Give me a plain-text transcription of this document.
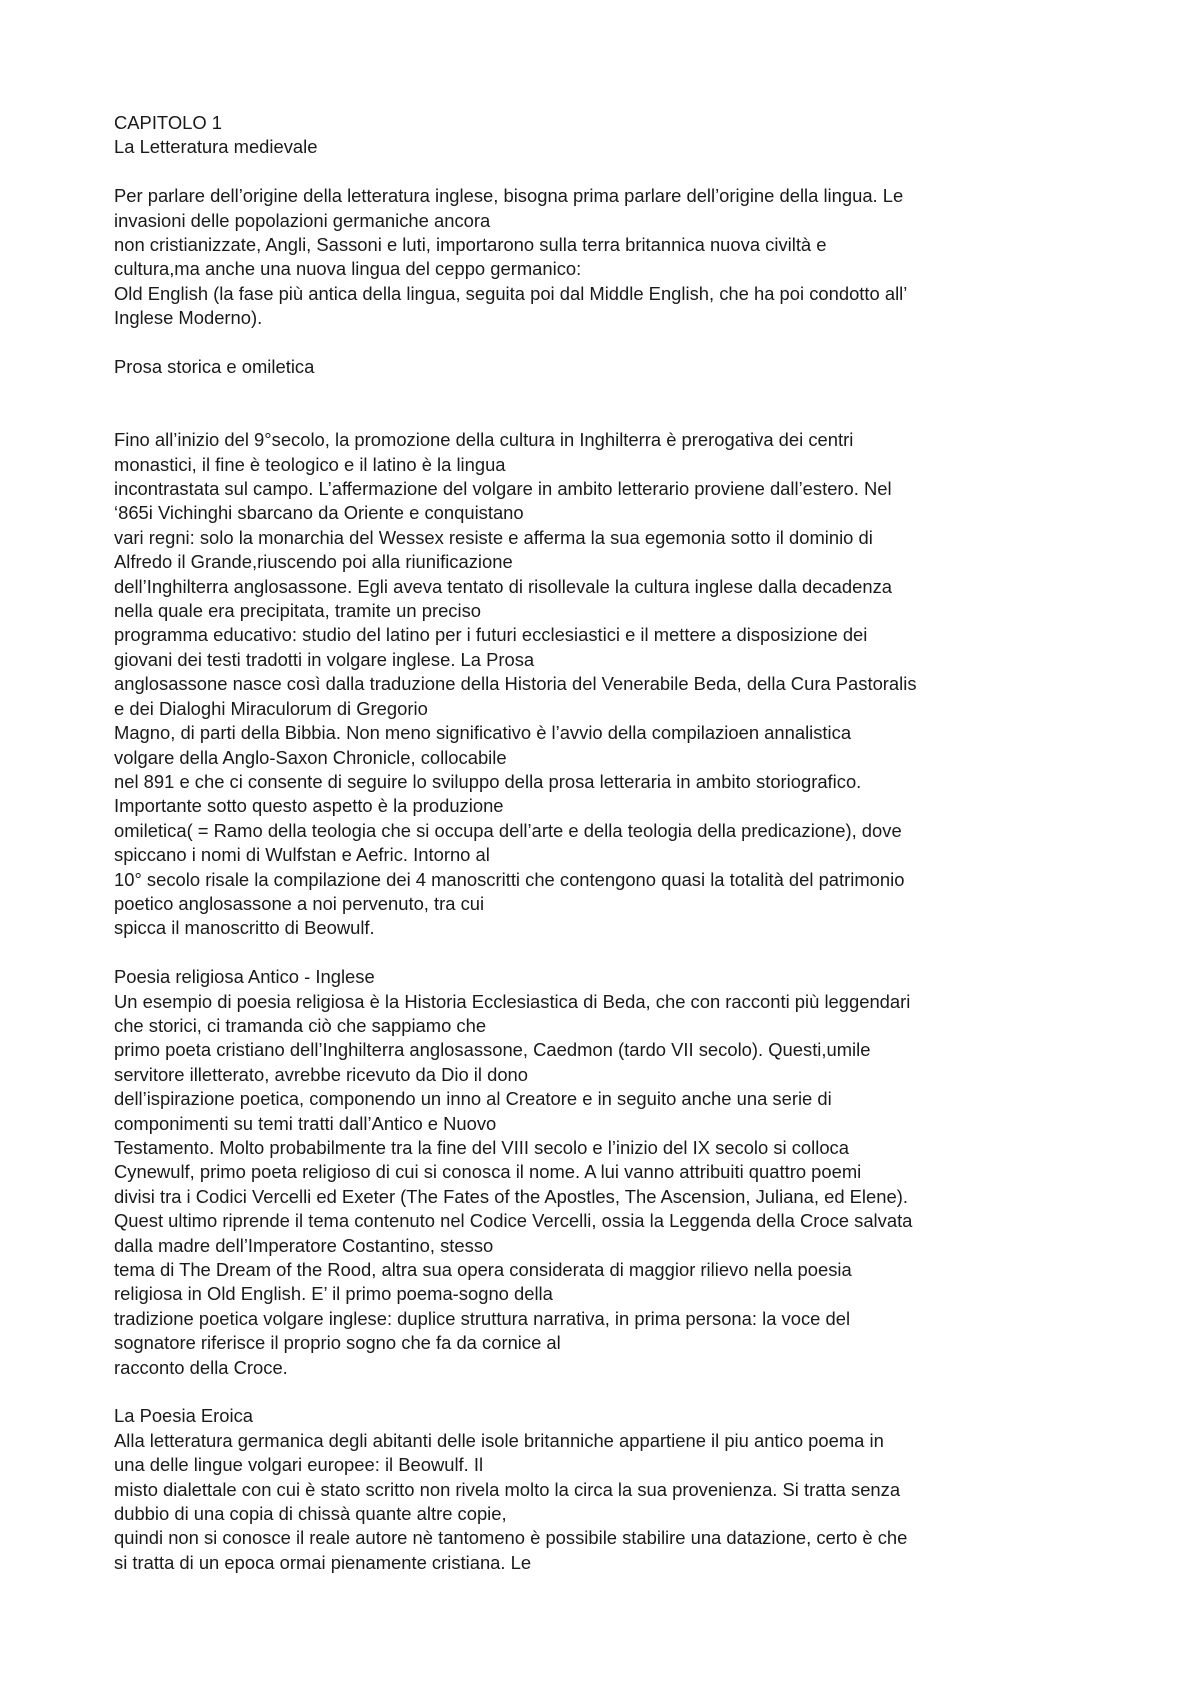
CAPITOLO 1
La Letteratura medievale
Per parlare dell’origine della letteratura inglese, bisogna prima parlare dell’origine della lingua. Le
invasioni delle popolazioni germaniche ancora
non cristianizzate, Angli, Sassoni e luti, importarono sulla terra britannica nuova civiltà e
cultura,ma anche una nuova lingua del ceppo germanico:
Old English (la fase più antica della lingua, seguita poi dal Middle English, che ha poi condotto all’
Inglese Moderno).
Prosa storica e omiletica
Fino all’inizio del 9°secolo, la promozione della cultura in Inghilterra è prerogativa dei centri
monastici, il fine è teologico e il latino è la lingua
incontrastata sul campo. L’affermazione del volgare in ambito letterario proviene dall’estero. Nel
‘865i Vichinghi sbarcano da Oriente e conquistano
vari regni: solo la monarchia del Wessex resiste e afferma la sua egemonia sotto il dominio di
Alfredo il Grande,riuscendo poi alla riunificazione
dell’Inghilterra anglosassone. Egli aveva tentato di risollevale la cultura inglese dalla decadenza
nella quale era precipitata, tramite un preciso
programma educativo: studio del latino per i futuri ecclesiastici e il mettere a disposizione dei
giovani dei testi tradotti in volgare inglese. La Prosa
anglosassone nasce così dalla traduzione della Historia del Venerabile Beda, della Cura Pastoralis
e dei Dialoghi Miraculorum di Gregorio
Magno, di parti della Bibbia. Non meno significativo è l’avvio della compilazioen annalistica
volgare della Anglo-Saxon Chronicle, collocabile
nel 891 e che ci consente di seguire lo sviluppo della prosa letteraria in ambito storiografico.
Importante sotto questo aspetto è la produzione
omiletica( = Ramo della teologia che si occupa dell’arte e della teologia della predicazione), dove
spiccano i nomi di Wulfstan e Aefric. Intorno al
10° secolo risale la compilazione dei 4 manoscritti che contengono quasi la totalità del patrimonio
poetico anglosassone a noi pervenuto, tra cui
spicca il manoscritto di Beowulf.
Poesia religiosa Antico - Inglese
Un esempio di poesia religiosa è la Historia Ecclesiastica di Beda, che con racconti più leggendari
che storici, ci tramanda ciò che sappiamo che
primo poeta cristiano dell’Inghilterra anglosassone, Caedmon (tardo VII secolo). Questi,umile
servitore illetterato, avrebbe ricevuto da Dio il dono
dell’ispirazione poetica, componendo un inno al Creatore e in seguito anche una serie di
componimenti su temi tratti dall’Antico e Nuovo
Testamento. Molto probabilmente tra la fine del VIII secolo e l’inizio del IX secolo si colloca
Cynewulf, primo poeta religioso di cui si conosca il nome. A lui vanno attribuiti quattro poemi
divisi tra i Codici Vercelli ed Exeter (The Fates of the Apostles, The Ascension, Juliana, ed Elene).
Quest ultimo riprende il tema contenuto nel Codice Vercelli, ossia la Leggenda della Croce salvata
dalla madre dell’Imperatore Costantino, stesso
tema di The Dream of the Rood, altra sua opera considerata di maggior rilievo nella poesia
religiosa in Old English. E’ il primo poema-sogno della
tradizione poetica volgare inglese: duplice struttura narrativa, in prima persona: la voce del
sognatore riferisce il proprio sogno che fa da cornice al
racconto della Croce.
La Poesia Eroica
Alla letteratura germanica degli abitanti delle isole britanniche appartiene il piu antico poema in
una delle lingue volgari europee: il Beowulf. Il
misto dialettale con cui è stato scritto non rivela molto la circa la sua provenienza. Si tratta senza
dubbio di una copia di chissà quante altre copie,
quindi non si conosce il reale autore nè tantomeno è possibile stabilire una datazione, certo è che
si tratta di un epoca ormai pienamente cristiana. Le
